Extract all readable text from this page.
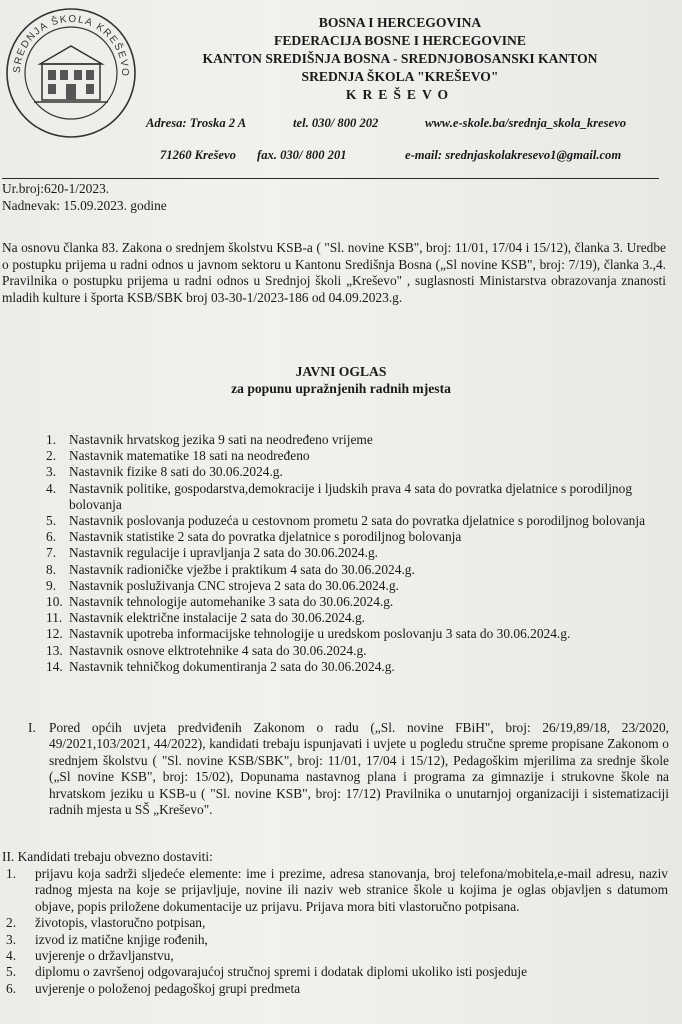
SREDNJA ŠKOLA KREŠEVO
BOSNA I HERCEGOVINA
FEDERACIJA BOSNE I HERCEGOVINE
KANTON SREDIŠNJA BOSNA - SREDNJOBOSANSKI KANTON
SREDNJA ŠKOLA "KREŠEVO"
KREŠEVO
Adresa: Troska 2 A	tel. 030/ 800 202	www.e-skole.ba/srednja_skola_kresevo
71260 Kreševo fax. 030/ 800 201	e-mail: srednjaskolakresevo1@gmail.com
Ur.broj:620-1/2023.
Nadnevak: 15.09.2023. godine
Na osnovu članka 83. Zakona o srednjem školstvu KSB-a ( "Sl. novine KSB", broj: 11/01, 17/04 i 15/12), članka 3. Uredbe o postupku prijema u radni odnos u javnom sektoru u Kantonu Središnja Bosna („Sl novine KSB", broj: 7/19), članka 3.,4. Pravilnika o postupku prijema u radni odnos u Srednjoj školi „Kreševo" , suglasnosti Ministarstva obrazovanja znanosti mladih kulture i športa KSB/SBK broj 03-30-1/2023-186 od 04.09.2023.g.
JAVNI OGLAS
za popunu upražnjenih radnih mjesta
1. Nastavnik hrvatskog jezika 9 sati na neodređeno vrijeme
2. Nastavnik matematike 18 sati na neodređeno
3. Nastavnik fizike 8 sati do 30.06.2024.g.
4. Nastavnik politike, gospodarstva,demokracije i ljudskih prava 4 sata do povratka djelatnice s porodiljnog bolovanja
5. Nastavnik poslovanja poduzeća u cestovnom prometu 2 sata do povratka djelatnice s porodiljnog bolovanja
6. Nastavnik statistike 2 sata do povratka djelatnice s porodiljnog bolovanja
7. Nastavnik regulacije i upravljanja 2 sata do 30.06.2024.g.
8. Nastavnik radioničke vježbe i praktikum 4 sata do 30.06.2024.g.
9. Nastavnik posluživanja CNC strojeva 2 sata do 30.06.2024.g.
10. Nastavnik tehnologije automehanike 3 sata do 30.06.2024.g.
11. Nastavnik električne instalacije 2 sata do 30.06.2024.g.
12. Nastavnik upotreba informacijske tehnologije u uredskom poslovanju 3 sata do 30.06.2024.g.
13. Nastavnik osnove elktrotehnike 4 sata do 30.06.2024.g.
14. Nastavnik tehničkog dokumentiranja 2 sata do 30.06.2024.g.
I. Pored općih uvjeta predviđenih Zakonom o radu („Sl. novine FBiH", broj: 26/19,89/18, 23/2020, 49/2021,103/2021, 44/2022), kandidati trebaju ispunjavati i uvjete u pogledu stručne spreme propisane Zakonom o srednjem školstvu ( "Sl. novine KSB/SBK", broj: 11/01, 17/04 i 15/12), Pedagoškim mjerilima za srednje škole („Sl novine KSB", broj: 15/02), Dopunama nastavnog plana i programa za gimnazije i strukovne škole na hrvatskom jeziku u KSB-u ( "Sl. novine KSB", broj: 17/12) Pravilnika o unutarnjoj organizaciji i sistematizaciji radnih mjesta u SŠ „Kreševo".
II. Kandidati trebaju obvezno dostaviti:
1. prijavu koja sadrži sljedeće elemente: ime i prezime, adresa stanovanja, broj telefona/mobitela,e-mail adresu, naziv radnog mjesta na koje se prijavljuje, novine ili naziv web stranice škole u kojima je oglas objavljen s datumom objave, popis priložene dokumentacije uz prijavu. Prijava mora biti vlastoručno potpisana.
2. životopis, vlastoručno potpisan,
3. izvod iz matične knjige rođenih,
4. uvjerenje o državljanstvu,
5. diplomu o završenoj odgovarajućoj stručnoj spremi i dodatak diplomi ukoliko isti posjeduje
6. uvjerenje o položenoj pedagoškoj grupi predmeta
